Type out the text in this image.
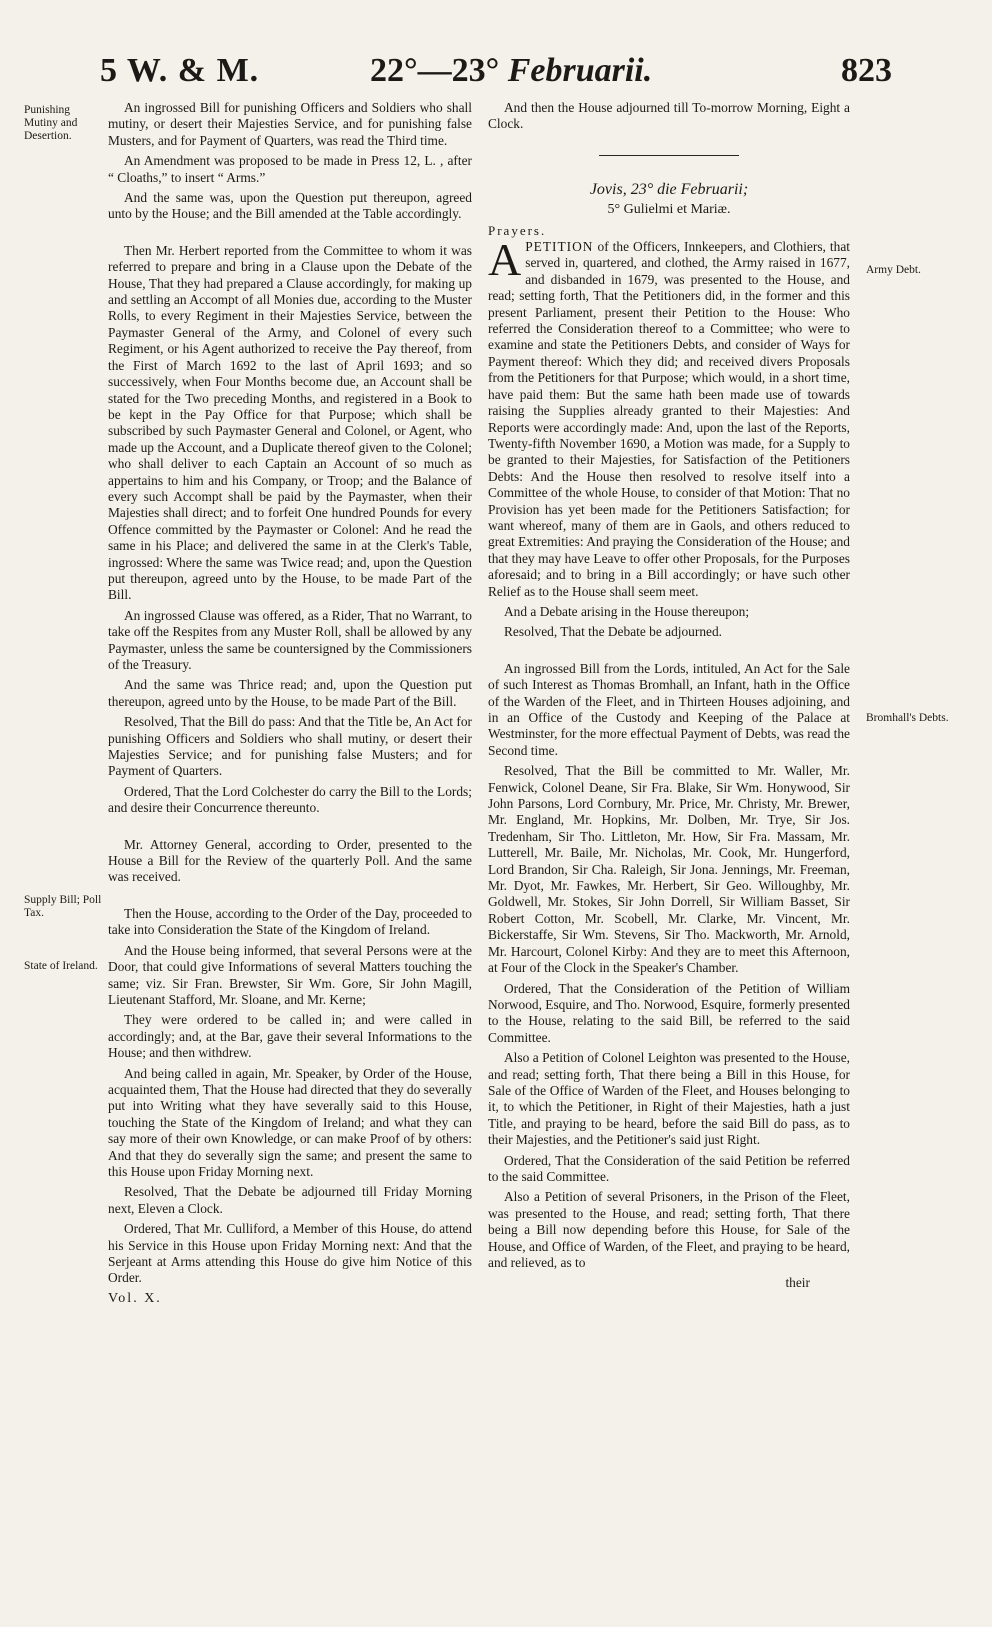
5 W. & M.	22°—23° Februarii.	823
Punishing Mutiny and Desertion.
Supply Bill; Poll Tax.
State of Ireland.
Army Debt.
Bromhall's Debts.

An ingrossed Bill for punishing Officers and Soldiers who shall mutiny, or desert their Majesties Service, and for punishing false Musters, and for Payment of Quarters, was read the Third time.

An Amendment was proposed to be made in Press 12, L. , after “ Cloaths,” to insert “ Arms.”

And the same was, upon the Question put thereupon, agreed unto by the House; and the Bill amended at the Table accordingly.

Then Mr. Herbert reported from the Committee to whom it was referred to prepare and bring in a Clause upon the Debate of the House, That they had prepared a Clause accordingly, for making up and settling an Accompt of all Monies due, according to the Muster Rolls, to every Regiment in their Majesties Service, between the Paymaster General of the Army, and Colonel of every such Regiment, or his Agent authorized to receive the Pay thereof, from the First of March 1692 to the last of April 1693; and so successively, when Four Months become due, an Account shall be stated for the Two preceding Months, and registered in a Book to be kept in the Pay Office for that Purpose; which shall be subscribed by such Paymaster General and Colonel, or Agent, who made up the Account, and a Duplicate thereof given to the Colonel; who shall deliver to each Captain an Account of so much as appertains to him and his Company, or Troop; and the Balance of every such Accompt shall be paid by the Paymaster, when their Majesties shall direct; and to forfeit One hundred Pounds for every Offence committed by the Paymaster or Colonel: And he read the same in his Place; and delivered the same in at the Clerk's Table, ingrossed: Where the same was Twice read; and, upon the Question put thereupon, agreed unto by the House, to be made Part of the Bill.

An ingrossed Clause was offered, as a Rider, That no Warrant, to take off the Respites from any Muster Roll, shall be allowed by any Paymaster, unless the same be countersigned by the Commissioners of the Treasury.

And the same was Thrice read; and, upon the Question put thereupon, agreed unto by the House, to be made Part of the Bill.

Resolved, That the Bill do pass: And that the Title be, An Act for punishing Officers and Soldiers who shall mutiny, or desert their Majesties Service; and for punishing false Musters; and for Payment of Quarters.

Ordered, That the Lord Colchester do carry the Bill to the Lords; and desire their Concurrence thereunto.

Mr. Attorney General, according to Order, presented to the House a Bill for the Review of the quarterly Poll. And the same was received.

Then the House, according to the Order of the Day, proceeded to take into Consideration the State of the Kingdom of Ireland.

And the House being informed, that several Persons were at the Door, that could give Informations of several Matters touching the same; viz. Sir Fran. Brewster, Sir Wm. Gore, Sir John Magill, Lieutenant Stafford, Mr. Sloane, and Mr. Kerne;

They were ordered to be called in; and were called in accordingly; and, at the Bar, gave their several Informations to the House; and then withdrew.

And being called in again, Mr. Speaker, by Order of the House, acquainted them, That the House had directed that they do severally put into Writing what they have severally said to this House, touching the State of the Kingdom of Ireland; and what they can say more of their own Knowledge, or can make Proof of by others: And that they do severally sign the same; and present the same to this House upon Friday Morning next.

Resolved, That the Debate be adjourned till Friday Morning next, Eleven a Clock.

Ordered, That Mr. Culliford, a Member of this House, do attend his Service in this House upon Friday Morning next: And that the Serjeant at Arms attending this House do give him Notice of this Order.

Vol. X.

And then the House adjourned till To-morrow Morning, Eight a Clock.

Jovis, 23° die Februarii;

5° Gulielmi et Mariæ.

Prayers.

APETITION of the Officers, Innkeepers, and Clothiers, that served in, quartered, and clothed, the Army raised in 1677, and disbanded in 1679, was presented to the House, and read; setting forth, That the Petitioners did, in the former and this present Parliament, present their Petition to the House: Who referred the Consideration thereof to a Committee; who were to examine and state the Petitioners Debts, and consider of Ways for Payment thereof: Which they did; and received divers Proposals from the Petitioners for that Purpose; which would, in a short time, have paid them: But the same hath been made use of towards raising the Supplies already granted to their Majesties: And Reports were accordingly made: And, upon the last of the Reports, Twenty-fifth November 1690, a Motion was made, for a Supply to be granted to their Majesties, for Satisfaction of the Petitioners Debts: And the House then resolved to resolve itself into a Committee of the whole House, to consider of that Motion: That no Provision has yet been made for the Petitioners Satisfaction; for want whereof, many of them are in Gaols, and others reduced to great Extremities: And praying the Consideration of the House; and that they may have Leave to offer other Proposals, for the Purposes aforesaid; and to bring in a Bill accordingly; or have such other Relief as to the House shall seem meet.

And a Debate arising in the House thereupon;

Resolved, That the Debate be adjourned.

An ingrossed Bill from the Lords, intituled, An Act for the Sale of such Interest as Thomas Bromhall, an Infant, hath in the Office of the Warden of the Fleet, and in Thirteen Houses adjoining, and in an Office of the Custody and Keeping of the Palace at Westminster, for the more effectual Payment of Debts, was read the Second time.

Resolved, That the Bill be committed to Mr. Waller, Mr. Fenwick, Colonel Deane, Sir Fra. Blake, Sir Wm. Honywood, Sir John Parsons, Lord Cornbury, Mr. Price, Mr. Christy, Mr. Brewer, Mr. England, Mr. Hopkins, Mr. Dolben, Mr. Trye, Sir Jos. Tredenham, Sir Tho. Littleton, Mr. How, Sir Fra. Massam, Mr. Lutterell, Mr. Baile, Mr. Nicholas, Mr. Cook, Mr. Hungerford, Lord Brandon, Sir Cha. Raleigh, Sir Jona. Jennings, Mr. Freeman, Mr. Dyot, Mr. Fawkes, Mr. Herbert, Sir Geo. Willoughby, Mr. Goldwell, Mr. Stokes, Sir John Dorrell, Sir William Basset, Sir Robert Cotton, Mr. Scobell, Mr. Clarke, Mr. Vincent, Mr. Bickerstaffe, Sir Wm. Stevens, Sir Tho. Mackworth, Mr. Arnold, Mr. Harcourt, Colonel Kirby: And they are to meet this Afternoon, at Four of the Clock in the Speaker's Chamber.

Ordered, That the Consideration of the Petition of William Norwood, Esquire, and Tho. Norwood, Esquire, formerly presented to the House, relating to the said Bill, be referred to the said Committee.

Also a Petition of Colonel Leighton was presented to the House, and read; setting forth, That there being a Bill in this House, for Sale of the Office of Warden of the Fleet, and Houses belonging to it, to which the Petitioner, in Right of their Majesties, hath a just Title, and praying to be heard, before the said Bill do pass, as to their Majesties, and the Petitioner's said just Right.

Ordered, That the Consideration of the said Petition be referred to the said Committee.

Also a Petition of several Prisoners, in the Prison of the Fleet, was presented to the House, and read; setting forth, That there being a Bill now depending before this House, for Sale of the House, and Office of Warden, of the Fleet, and praying to be heard, and relieved, as to

their
